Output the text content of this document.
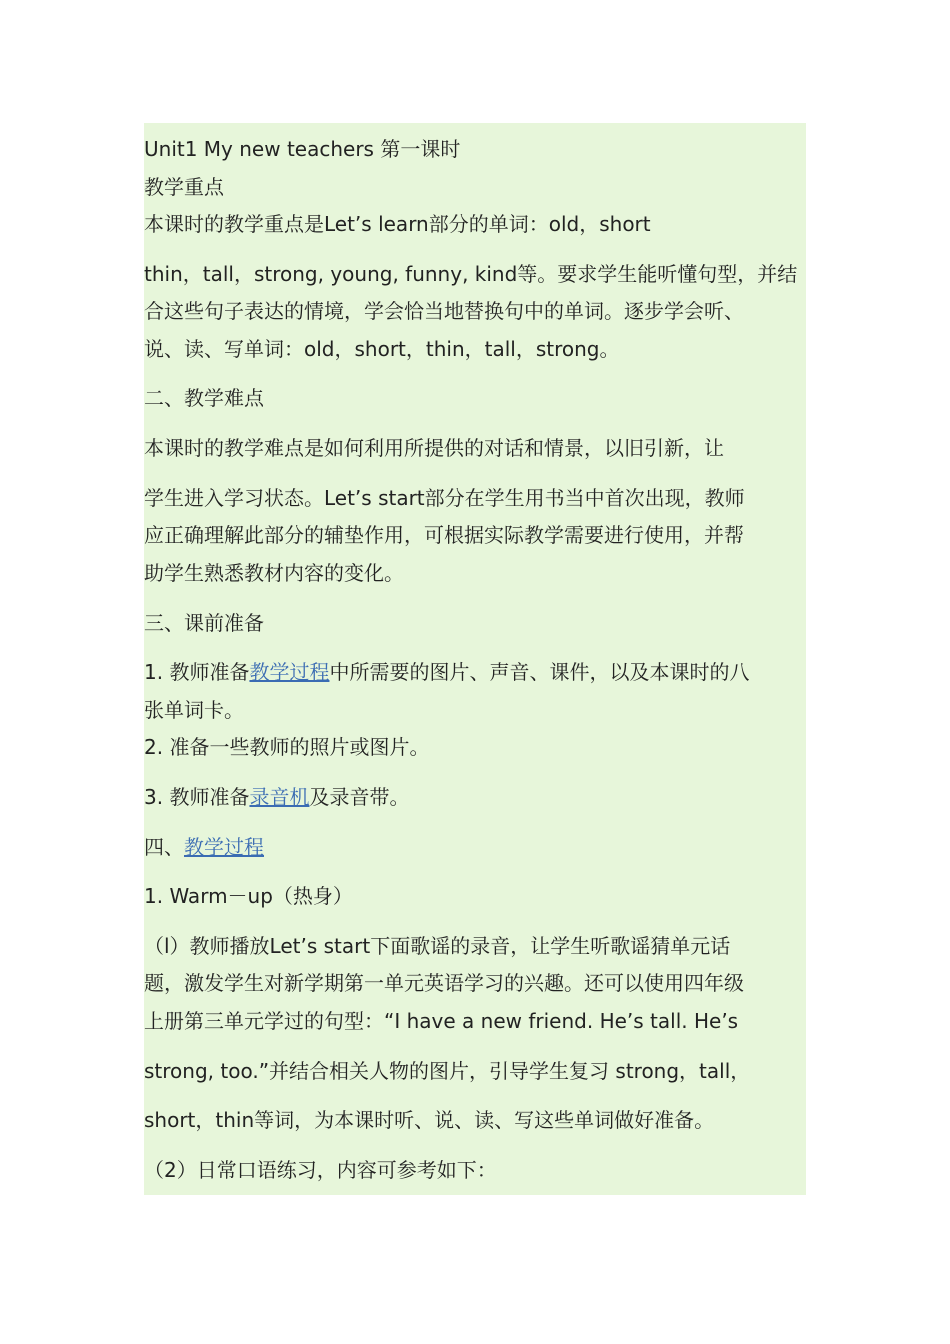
Unit1 My new teachers 第一课时
教学重点
本课时的教学重点是Let’s learn部分的单词：old，short
thin，tall，strong, young, funny, kind等。要求学生能听懂句型，并结
合这些句子表达的情境，学会恰当地替换句中的单词。逐步学会听、
说、读、写单词：old，short，thin，tall，strong。
二、教学难点
本课时的教学难点是如何利用所提供的对话和情景，以旧引新，让
学生进入学习状态。Let’s start部分在学生用书当中首次出现，教师
应正确理解此部分的辅垫作用，可根据实际教学需要进行使用，并帮
助学生熟悉教材内容的变化。
三、课前准备
1. 教师准备教学过程中所需要的图片、声音、课件，以及本课时的八
张单词卡。
2. 准备一些教师的照片或图片。
3. 教师准备录音机及录音带。
四、教学过程
1. Warm－up（热身）
（l）教师播放Let’s start下面歌谣的录音，让学生听歌谣猜单元话
题，激发学生对新学期第一单元英语学习的兴趣。还可以使用四年级
上册第三单元学过的句型：“I have a new friend. He’s tall. He’s
strong, too.”并结合相关人物的图片，引导学生复习 strong，tall，
short，thin等词，为本课时听、说、读、写这些单词做好准备。
（2）日常口语练习，内容可参考如下：
